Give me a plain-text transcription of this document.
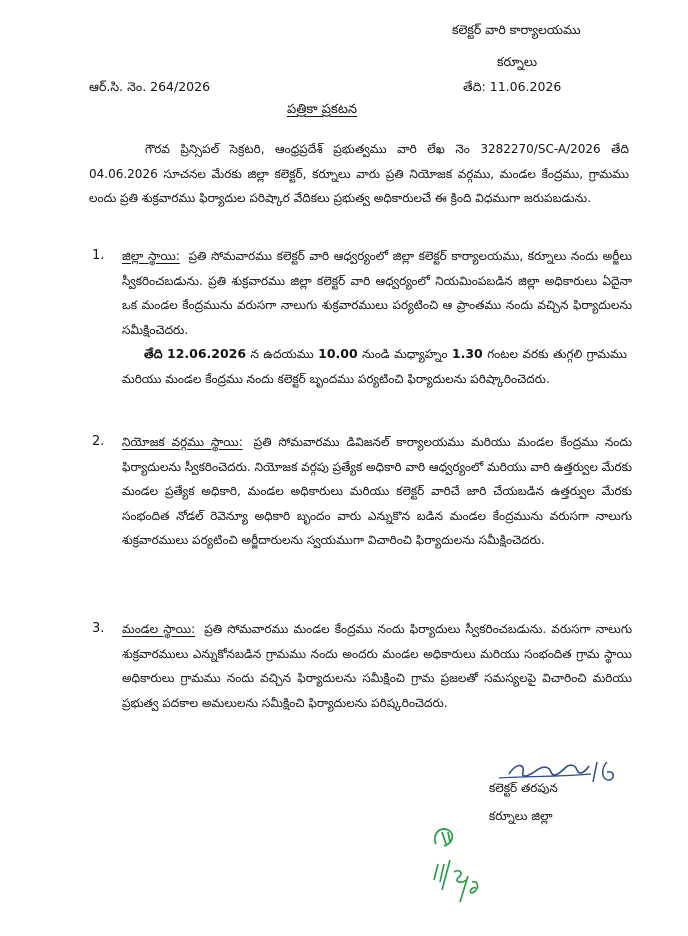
కలెక్టర్ వారి కార్యాలయము
కర్నూలు
ఆర్.సి. నెం. 264/2026	తేది: 11.06.2026
పత్రికా ప్రకటన
గౌరవ ప్రిన్సిపల్ సెక్రటరి, ఆంధ్రప్రదేశ్ ప్రభుత్వము వారి లేఖ నెం 3282270/SC-A/2026 తేది 04.06.2026 సూచనల మేరకు జిల్లా కలెక్టర్, కర్నూలు వారు ప్రతి నియోజక వర్గము, మండల కేంద్రము, గ్రామము లందు ప్రతి శుక్రవారము ఫిర్యాదుల పరిష్కార వేదికలు ప్రభుత్వ అధికారులచే ఈ క్రింది విధముగా జరుపబడును.
1. జిల్లా స్థాయి: ప్రతి సోమవారము కలెక్టర్ వారి ఆధ్వర్యంలో జిల్లా కలెక్టర్ కార్యాలయము, కర్నూలు నందు అర్జీలు స్వీకరించబడును. ప్రతి శుక్రవారము జిల్లా కలెక్టర్ వారి ఆధ్వర్యంలో నియమింపబడిన జిల్లా అధికారులు ఏదైనా ఒక మండల కేంద్రమును వరుసగా నాలుగు శుక్రవారములు పర్యటించి ఆ ప్రాంతము నందు వచ్చిన ఫిర్యాదులను సమీక్షించెదరు.
తేది 12.06.2026 న ఉదయము 10.00 నుండి మధ్యాహ్నం 1.30 గంటల వరకు తుగ్గలి గ్రామము మరియు మండల కేంద్రము నందు కలెక్టర్ బృందము పర్యటించి ఫిర్యాదులను పరిష్కారించెదరు.
2. నియోజక వర్గము స్థాయి: ప్రతి సోమవారము డివిజనల్ కార్యాలయము మరియు మండల కేంద్రము నందు ఫిర్యాదులను స్వీకరించెదరు. నియోజక వర్గపు ప్రత్యేక అధికారి వారి ఆధ్వర్యంలో మరియు వారి ఉత్తర్వుల మేరకు మండల ప్రత్యేక అధికారి, మండల అధికారులు మరియు కలెక్టర్ వారిచే జారి చేయబడిన ఉత్తర్వుల మేరకు సంభందిత నోడల్ రెవెన్యూ అధికారి బృందం వారు ఎన్నుకొన బడిన మండల కేంద్రమును వరుసగా నాలుగు శుక్రవారములు పర్యటించి అర్జీదారులను స్వయముగా విచారించి ఫిర్యాదులను సమీక్షించెదరు.
3. మండల స్థాయి: ప్రతి సోమవారము మండల కేంద్రము నందు ఫిర్యాదులు స్వీకరించబడును. వరుసగా నాలుగు శుక్రవారములు ఎన్నుకోనబడిన గ్రామము నందు అందరు మండల అధికారులు మరియు సంభందిత గ్రామ స్థాయి అధికారులు గ్రామము నందు వచ్చిన ఫిర్యాదులను సమీక్షించి గ్రామ ప్రజలతో సమస్యలపై విచారించి మరియు ప్రభుత్వ పదకాల అమలులను సమీక్షించి ఫిర్యాదులను పరిష్కరించెదరు.
కలెక్టర్ తరపున
కర్నూలు జిల్లా
